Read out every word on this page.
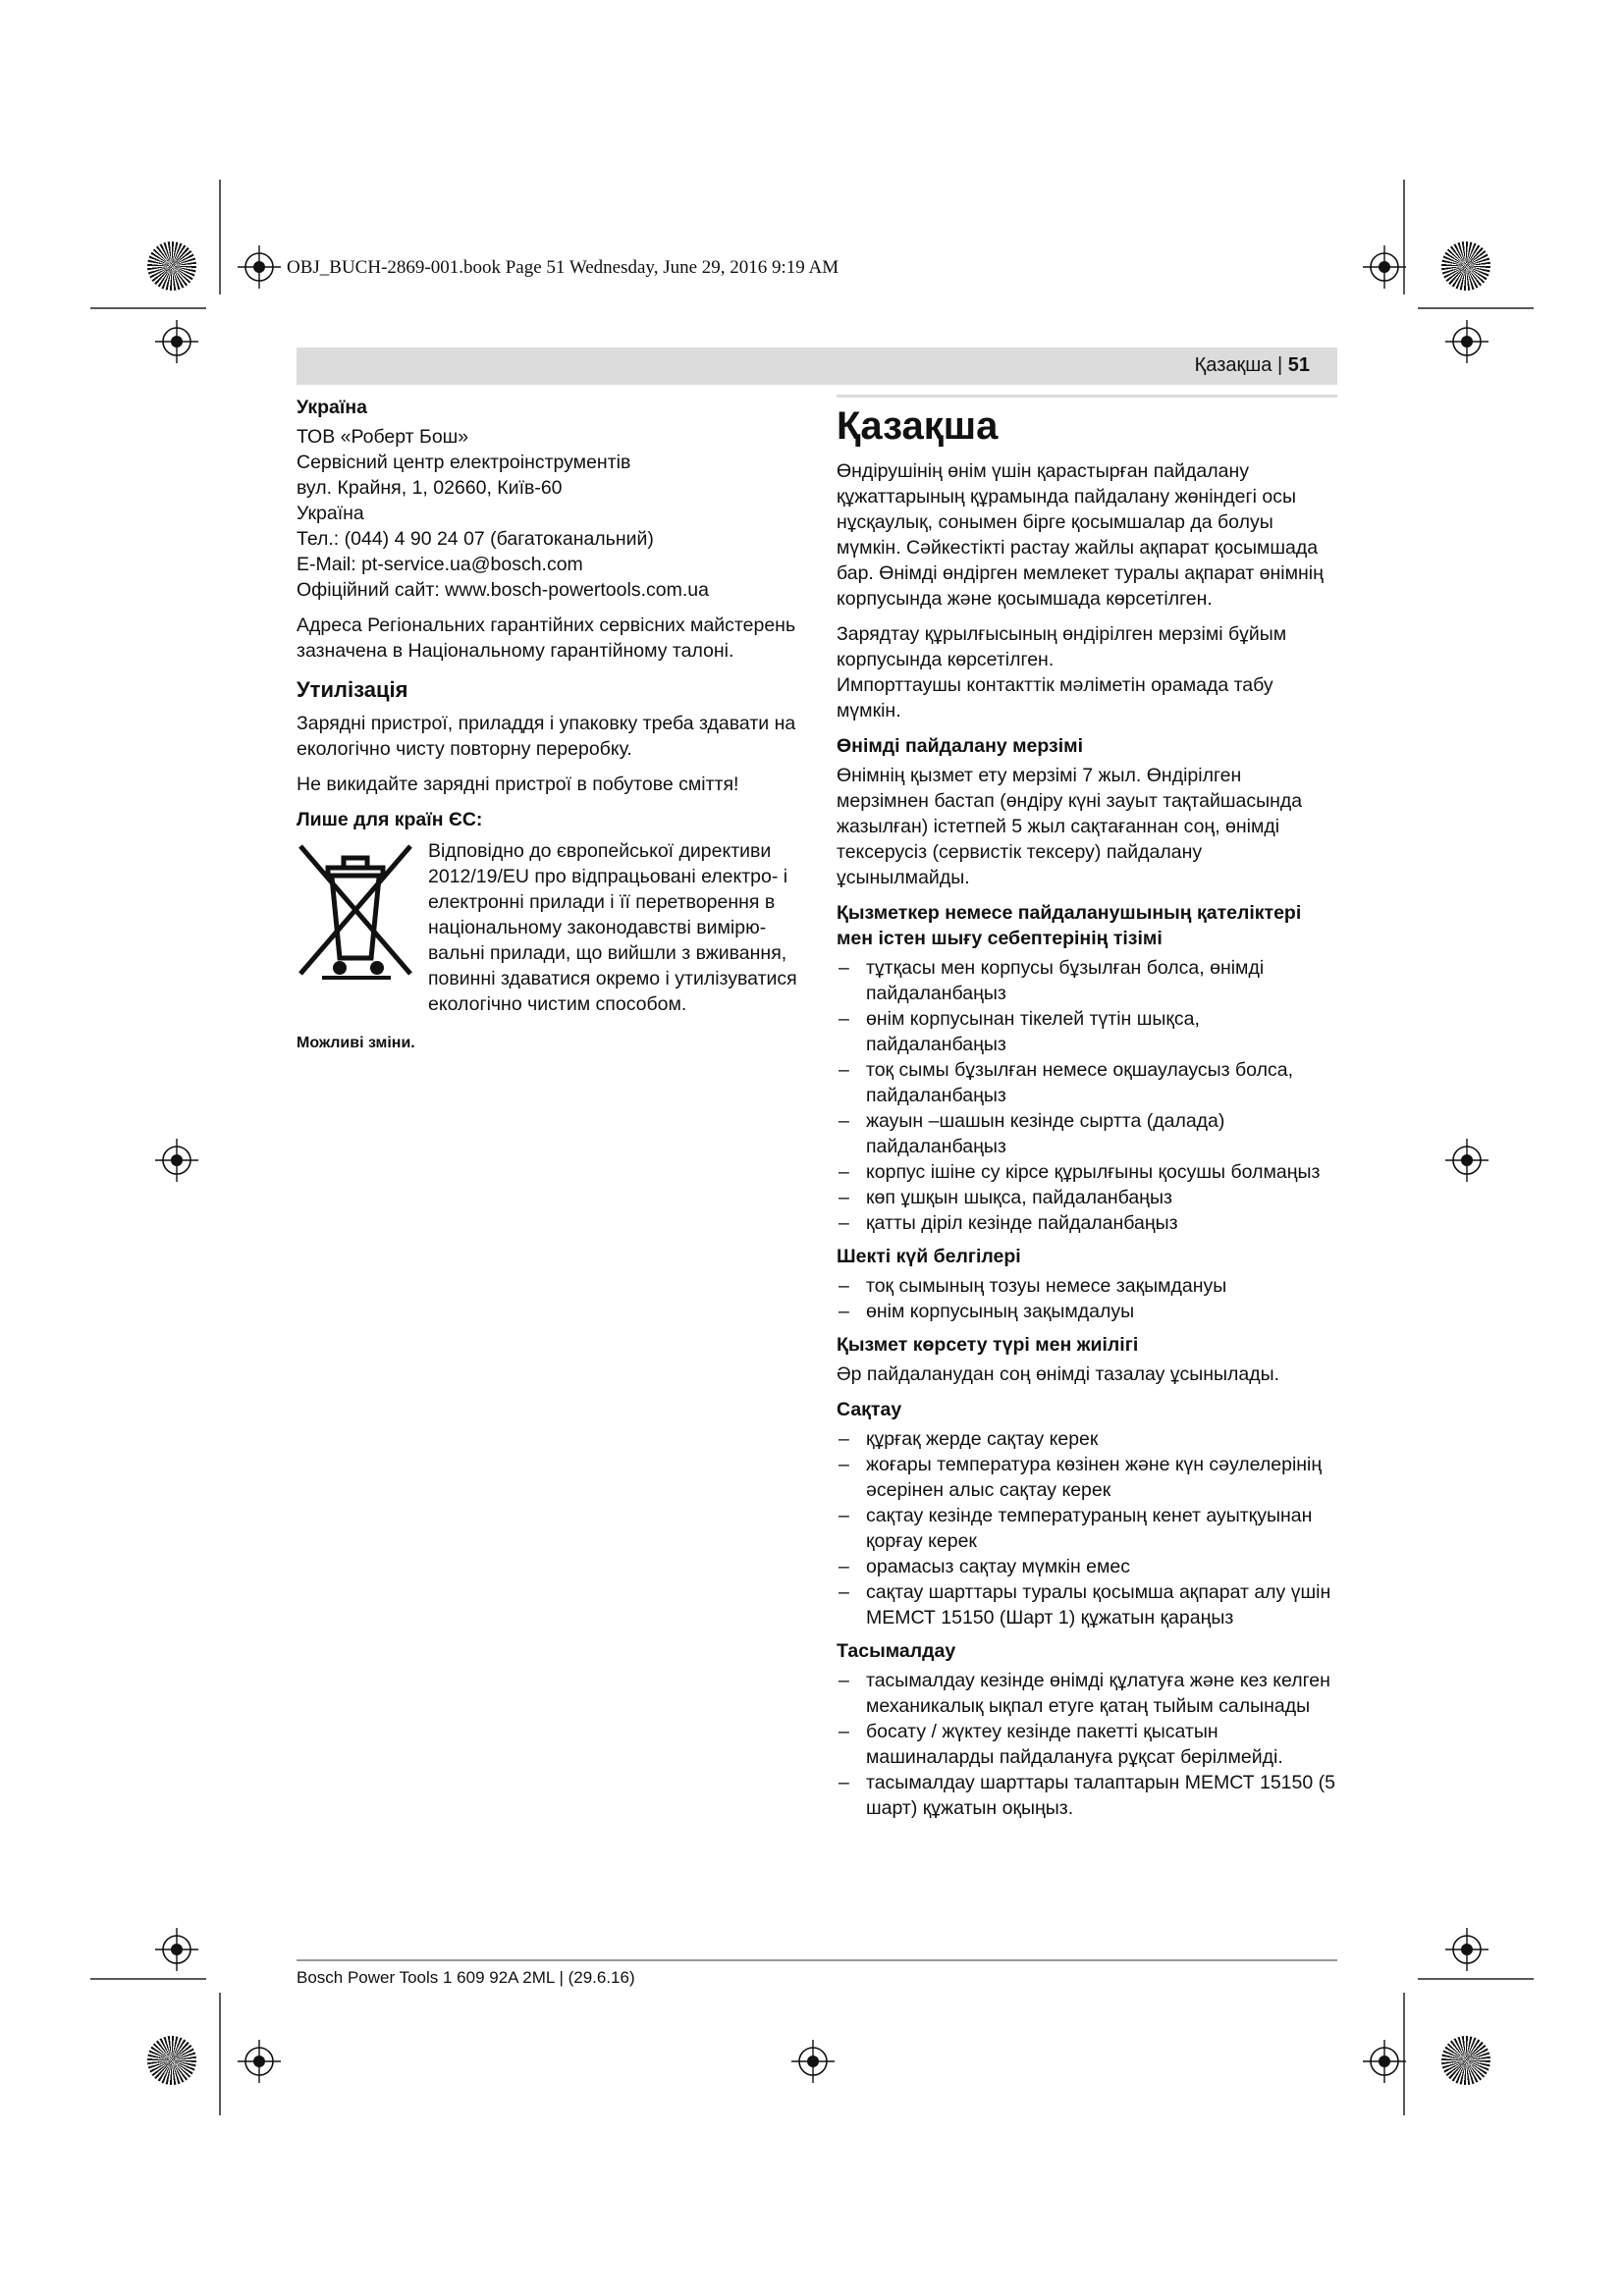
OBJ_BUCH-2869-001.book Page 51 Wednesday, June 29, 2016 9:19 AM
Қазақша | 51
Україна
ТОВ «Роберт Бош»
Сервісний центр електроінструментів
вул. Крайня, 1, 02660, Київ-60
Україна
Тел.: (044) 4 90 24 07 (багатоканальний)
E-Mail: pt-service.ua@bosch.com

Офіційний сайт: www.bosch-powertools.com.ua

Адреса Регіональних гарантійних сервісних майстерень зазначена в Національному гарантійному талоні.

Утилізація

Зарядні пристрої, приладдя і упаковку треба здавати на екологічно чисту повторну переробку.

Не викидайте зарядні пристрої в побутове сміття!

Лише для країн ЄС:
Відповідно до європейської директиви 2012/19/EU про відпрацьовані електро- і електронні прилади і її перетворення в національному законодавстві вимірю- вальні прилади, що вийшли з вживання, повинні здаватися окремо і утилізуватися екологічно чистим способом.

Можливі зміни.

Қазақша

Өндірушінің өнім үшін қарастырған пайдалану құжаттарының құрамында пайдалану жөніндегі осы нұсқаулық, сонымен бірге қосымшалар да болуы мүмкін. Сәйкестікті растау жайлы ақпарат қосымшада бар. Өнімді өндірген мемлекет туралы ақпарат өнімнің корпусында және қосымшада көрсетілген.

Зарядтау құрылғысының өндірілген мерзімі бұйым корпусында көрсетілген.

Импорттаушы контакттік мәліметін орамада табу мүмкін.

Өнімді пайдалану мерзімі

Өнімнің қызмет ету мерзімі 7 жыл. Өндірілген мерзімнен бастап (өндіру күні зауыт тақтайшасында жазылған) істетпей 5 жыл сақтағаннан соң, өнімді тексерусіз (сервистік тексеру) пайдалану ұсынылмайды.

Қызметкер немесе пайдаланушының қателіктері мен істен шығу себептерінің тізімі
– тұтқасы мен корпусы бұзылған болса, өнімді пайдаланбаңыз
– өнім корпусынан тікелей түтін шықса, пайдаланбаңыз
– тоқ сымы бұзылған немесе оқшаулаусыз болса, пайдаланбаңыз
– жауын –шашын кезінде сыртта (далада) пайдаланбаңыз
– корпус ішіне су кірсе құрылғыны қосушы болмаңыз
– көп ұшқын шықса, пайдаланбаңыз
– қатты діріл кезінде пайдаланбаңыз
Шекті күй белгілері
– тоқ сымының тозуы немесе зақымдануы
– өнім корпусының зақымдалуы
Қызмет көрсету түрі мен жиілігі

Әр пайдаланудан соң өнімді тазалау ұсынылады.

Сақтау
– құрғақ жерде сақтау керек
– жоғары температура көзінен және күн сәулелерінің әсерінен алыс сақтау керек
– сақтау кезінде температураның кенет ауытқуынан қорғау керек
– орамасыз сақтау мүмкін емес
– сақтау шарттары туралы қосымша ақпарат алу үшін МЕМСТ 15150 (Шарт 1) құжатын қараңыз
Тасымалдау
– тасымалдау кезінде өнімді құлатуға және кез келген механикалық ықпал етуге қатаң тыйым салынады
– босату / жүктеу кезінде пакетті қысатын машиналарды пайдалануға рұқсат берілмейді.
– тасымалдау шарттары талаптарын МЕМСТ 15150 (5 шарт) құжатын оқыңыз.
Bosch Power Tools 1 609 92A 2ML | (29.6.16)
